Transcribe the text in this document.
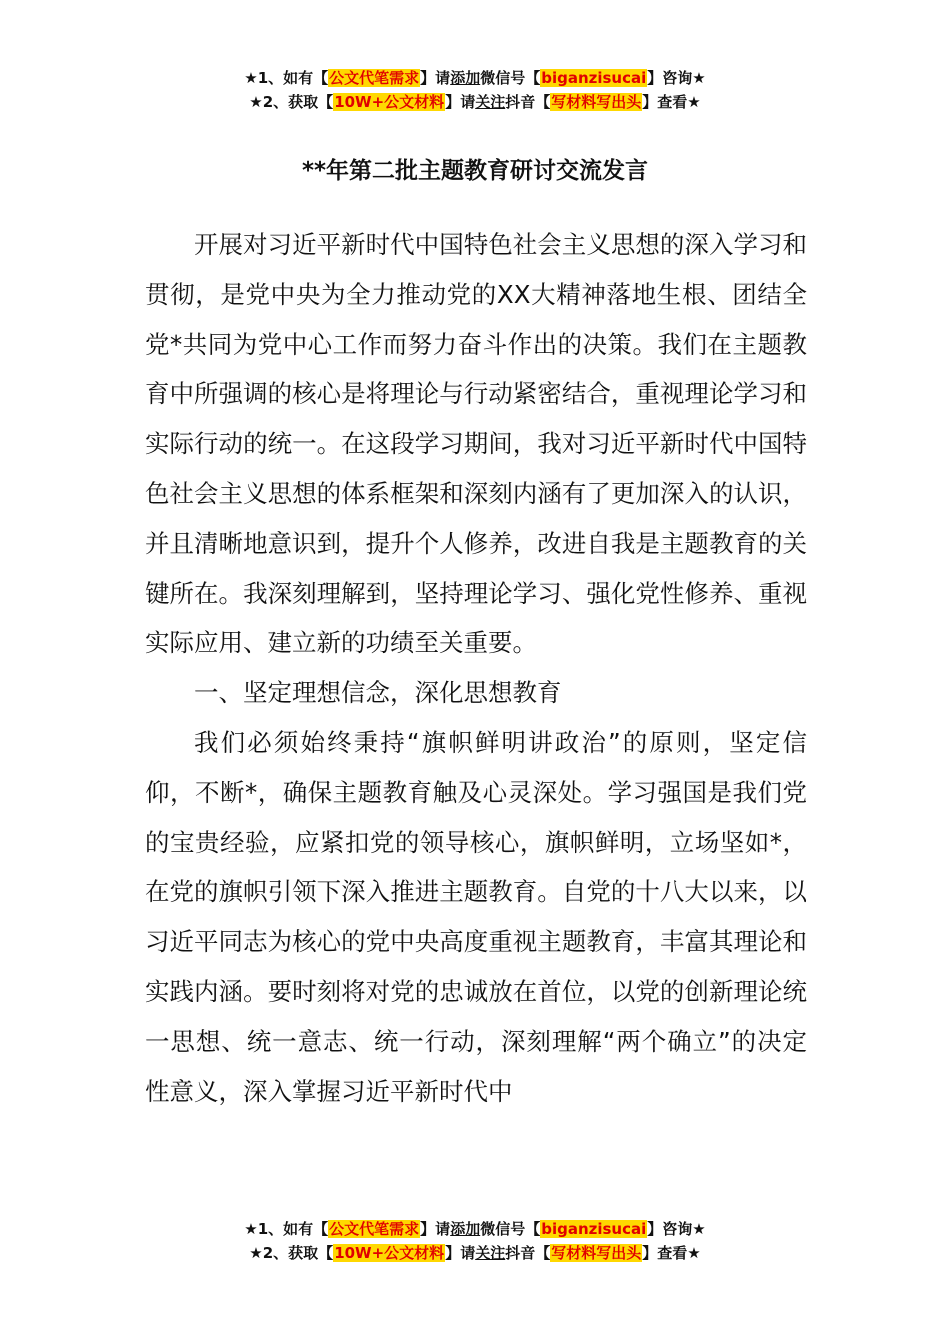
★1、如有【公文代笔需求】请添加微信号【biganzisucai】咨询★
★2、获取【10W+公文材料】请关注抖音【写材料写出头】查看★
**年第二批主题教育研讨交流发言

开展对习近平新时代中国特色社会主义思想的深入学习和贯彻，是党中央为全力推动党的XX大精神落地生根、团结全党*共同为党中心工作而努力奋斗作出的决策。我们在主题教育中所强调的核心是将理论与行动紧密结合，重视理论学习和实际行动的统一。在这段学习期间，我对习近平新时代中国特色社会主义思想的体系框架和深刻内涵有了更加深入的认识，并且清晰地意识到，提升个人修养，改进自我是主题教育的关键所在。我深刻理解到，坚持理论学习、强化党性修养、重视实际应用、建立新的功绩至关重要。

一、坚定理想信念，深化思想教育

我们必须始终秉持“旗帜鲜明讲政治”的原则，坚定信仰，不断*，确保主题教育触及心灵深处。学习强国是我们党的宝贵经验，应紧扣党的领导核心，旗帜鲜明，立场坚如*，在党的旗帜引领下深入推进主题教育。自党的十八大以来，以习近平同志为核心的党中央高度重视主题教育，丰富其理论和实践内涵。要时刻将对党的忠诚放在首位，以党的创新理论统一思想、统一意志、统一行动，深刻理解“两个确立”的决定性意义，深入掌握习近平新时代中

★1、如有【公文代笔需求】请添加微信号【biganzisucai】咨询★
★2、获取【10W+公文材料】请关注抖音【写材料写出头】查看★
